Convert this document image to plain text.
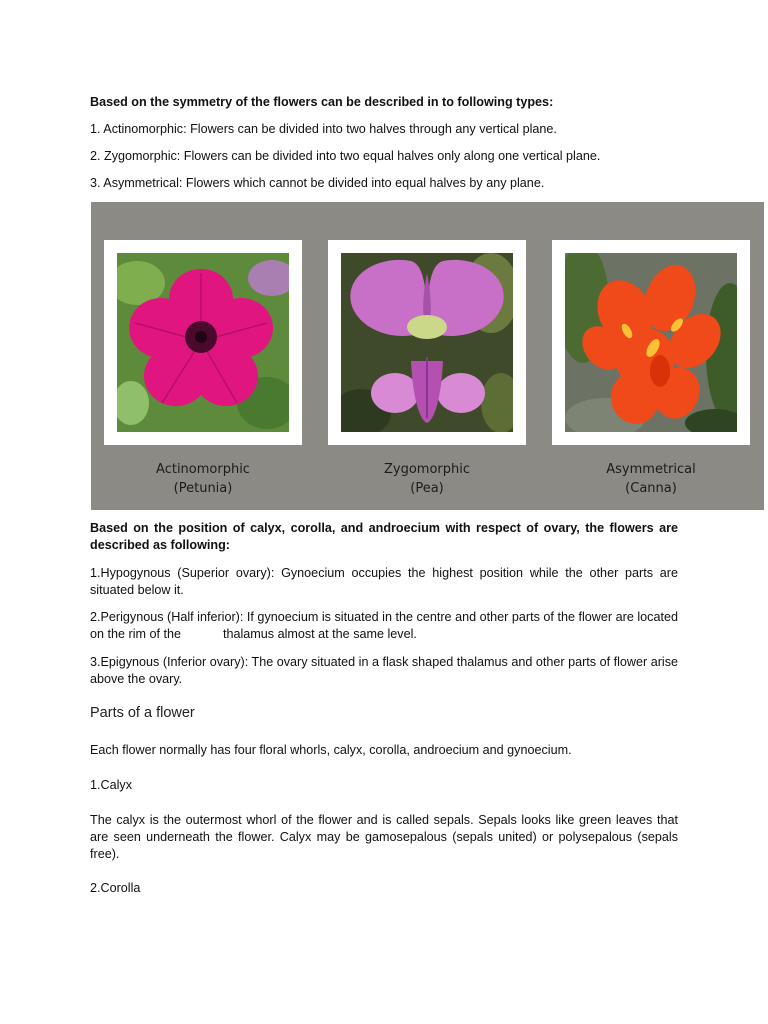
Based on the symmetry of the flowers can be described in to following types:

1. Actinomorphic: Flowers can be divided into two halves through any vertical plane.

2. Zygomorphic: Flowers can be divided into two equal halves only along one vertical plane.

3. Asymmetrical: Flowers which cannot be divided into equal halves by any plane.

Actinomorphic
(Petunia)
Zygomorphic
(Pea)
Asymmetrical
(Canna)

Based on the position of calyx, corolla, and androecium with respect of ovary, the flowers are described as following:

1.Hypogynous (Superior ovary): Gynoecium occupies the highest position while the other parts are situated below it.

2.Perigynous (Half inferior): If gynoecium is situated in the centre and other parts of the flower are located on the rim of the            thalamus almost at the same level.

3.Epigynous (Inferior ovary): The ovary situated in a flask shaped thalamus and other parts of flower arise above the ovary.

Parts of a flower

Each flower normally has four floral whorls, calyx, corolla, androecium and gynoecium.

1.Calyx

The calyx is the outermost whorl of the flower and is called sepals. Sepals looks like green leaves that are seen underneath the flower. Calyx may be gamosepalous (sepals united) or polysepalous (sepals free).

2.Corolla
